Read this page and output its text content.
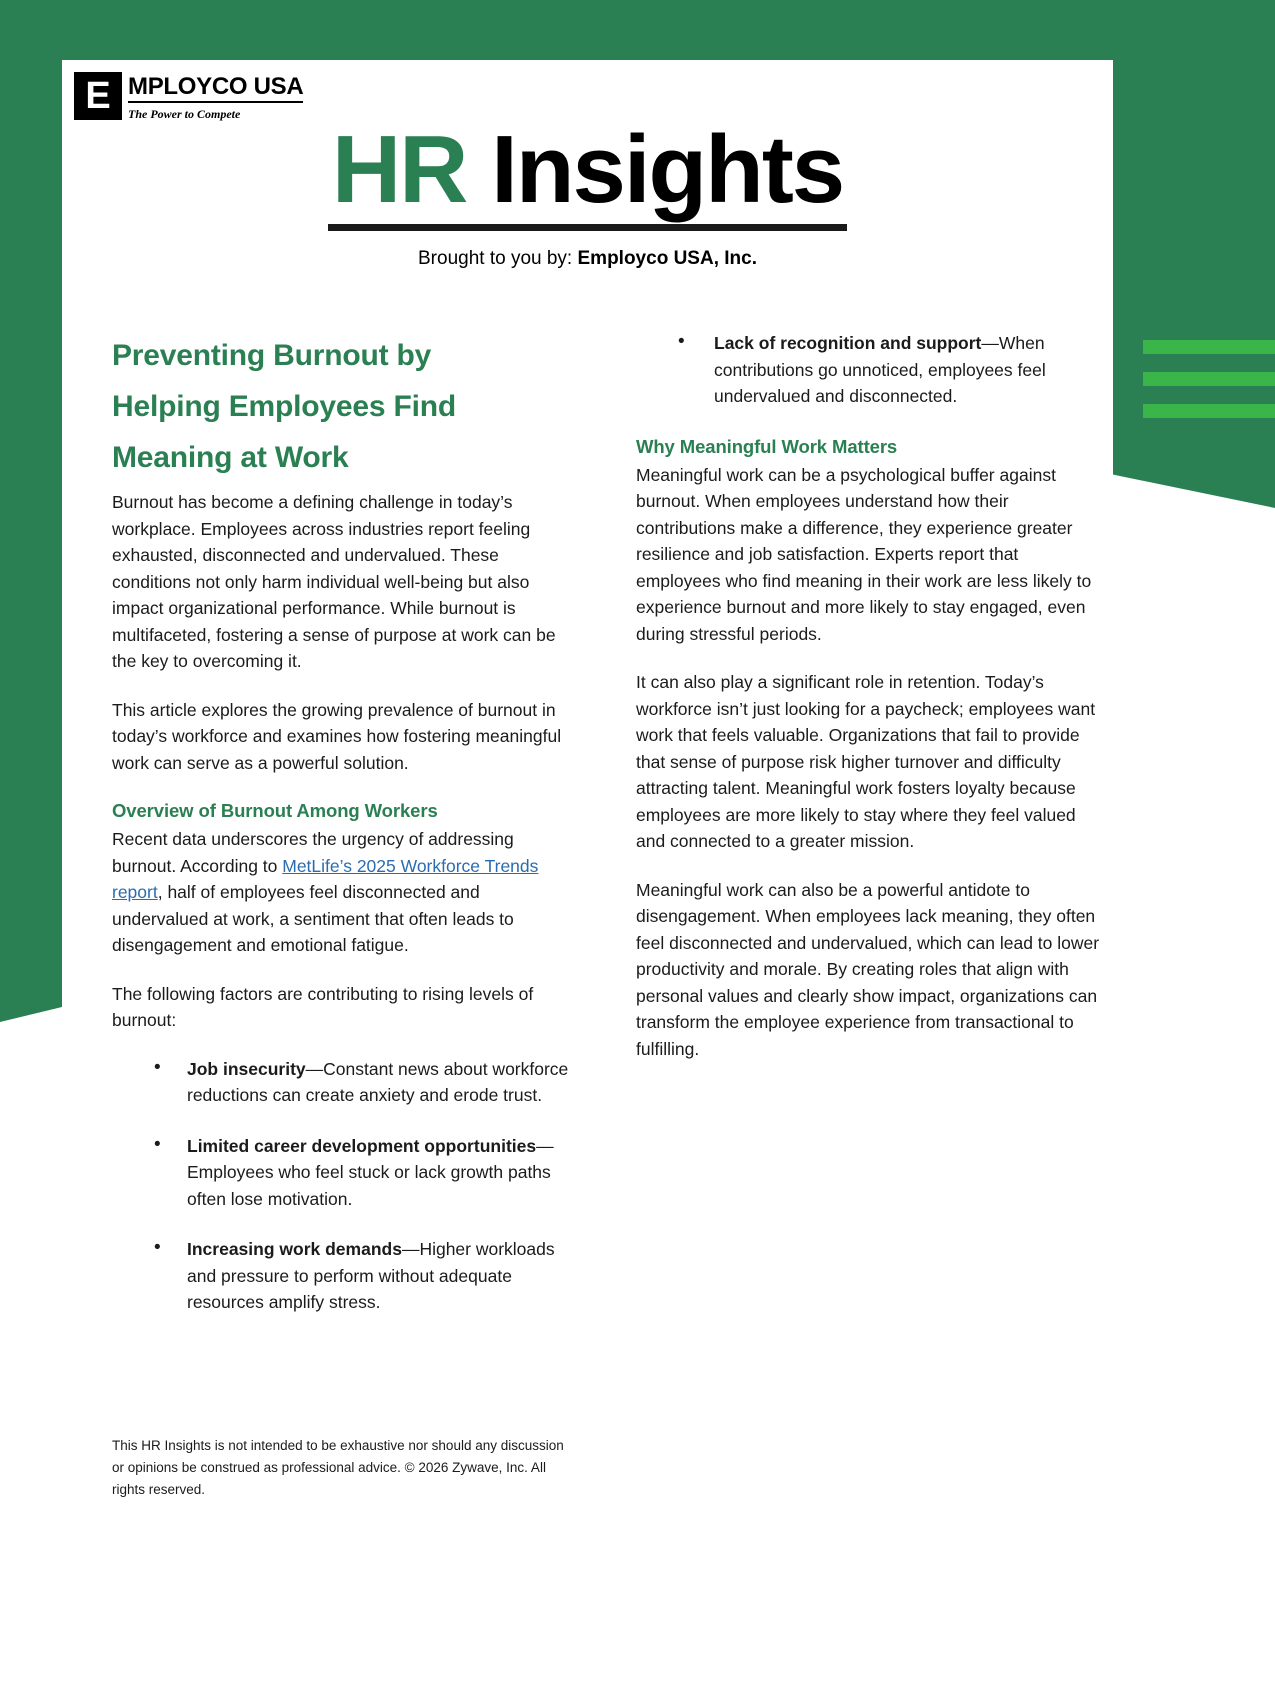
E MPLOYCO USA
The Power to Compete
HR Insights
Brought to you by: Employco USA, Inc.
Preventing Burnout by
Helping Employees Find
Meaning at Work

Burnout has become a defining challenge in today’s workplace. Employees across industries report feeling exhausted, disconnected and undervalued. These conditions not only harm individual well-being but also impact organizational performance. While burnout is multifaceted, fostering a sense of purpose at work can be the key to overcoming it.

This article explores the growing prevalence of burnout in today’s workforce and examines how fostering meaningful work can serve as a powerful solution.

Overview of Burnout Among Workers

Recent data underscores the urgency of addressing burnout. According to MetLife’s 2025 Workforce Trends report, half of employees feel disconnected and undervalued at work, a sentiment that often leads to disengagement and emotional fatigue.

The following factors are contributing to rising levels of burnout:

• Job insecurity—Constant news about workforce reductions can create anxiety and erode trust.
• Limited career development opportunities—Employees who feel stuck or lack growth paths often lose motivation.
• Increasing work demands—Higher workloads and pressure to perform without adequate resources amplify stress.
• Lack of recognition and support—When contributions go unnoticed, employees feel undervalued and disconnected.
Why Meaningful Work Matters

Meaningful work can be a psychological buffer against burnout. When employees understand how their contributions make a difference, they experience greater resilience and job satisfaction. Experts report that employees who find meaning in their work are less likely to experience burnout and more likely to stay engaged, even during stressful periods.

It can also play a significant role in retention. Today’s workforce isn’t just looking for a paycheck; employees want work that feels valuable. Organizations that fail to provide that sense of purpose risk higher turnover and difficulty attracting talent. Meaningful work fosters loyalty because employees are more likely to stay where they feel valued and connected to a greater mission.

Meaningful work can also be a powerful antidote to disengagement. When employees lack meaning, they often feel disconnected and undervalued, which can lead to lower productivity and morale. By creating roles that align with personal values and clearly show impact, organizations can transform the employee experience from transactional to fulfilling.

This HR Insights is not intended to be exhaustive nor should any discussion or opinions be construed as professional advice. © 2026 Zywave, Inc. All rights reserved.
